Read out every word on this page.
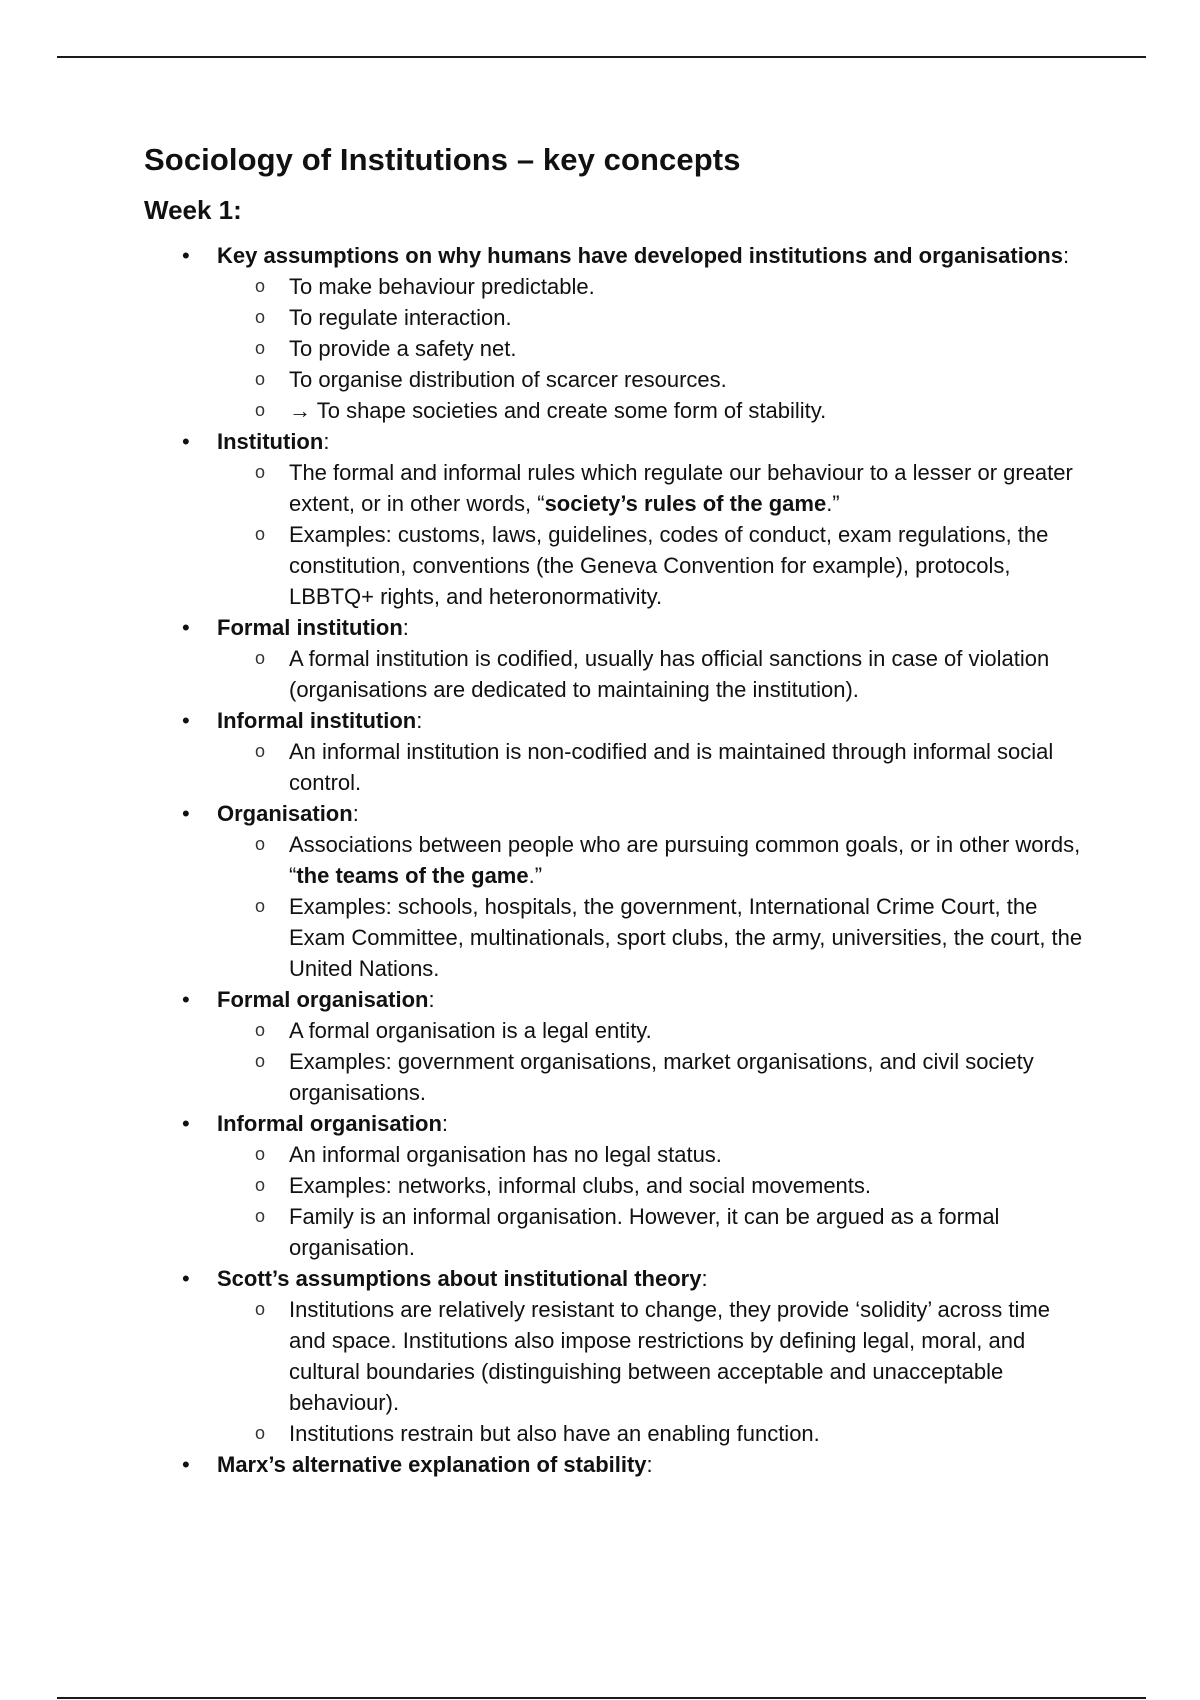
Sociology of Institutions – key concepts
Week 1:
• Key assumptions on why humans have developed institutions and organisations:
o To make behaviour predictable.
o To regulate interaction.
o To provide a safety net.
o To organise distribution of scarcer resources.
o → To shape societies and create some form of stability.
• Institution:
o The formal and informal rules which regulate our behaviour to a lesser or greater extent, or in other words, “society’s rules of the game.”
o Examples: customs, laws, guidelines, codes of conduct, exam regulations, the constitution, conventions (the Geneva Convention for example), protocols, LBBTQ+ rights, and heteronormativity.
• Formal institution:
o A formal institution is codified, usually has official sanctions in case of violation (organisations are dedicated to maintaining the institution).
• Informal institution:
o An informal institution is non-codified and is maintained through informal social control.
• Organisation:
o Associations between people who are pursuing common goals, or in other words, “the teams of the game.”
o Examples: schools, hospitals, the government, International Crime Court, the Exam Committee, multinationals, sport clubs, the army, universities, the court, the United Nations.
• Formal organisation:
o A formal organisation is a legal entity.
o Examples: government organisations, market organisations, and civil society organisations.
• Informal organisation:
o An informal organisation has no legal status.
o Examples: networks, informal clubs, and social movements.
o Family is an informal organisation. However, it can be argued as a formal organisation.
• Scott’s assumptions about institutional theory:
o Institutions are relatively resistant to change, they provide ‘solidity’ across time and space. Institutions also impose restrictions by defining legal, moral, and cultural boundaries (distinguishing between acceptable and unacceptable behaviour).
o Institutions restrain but also have an enabling function.
• Marx’s alternative explanation of stability:
